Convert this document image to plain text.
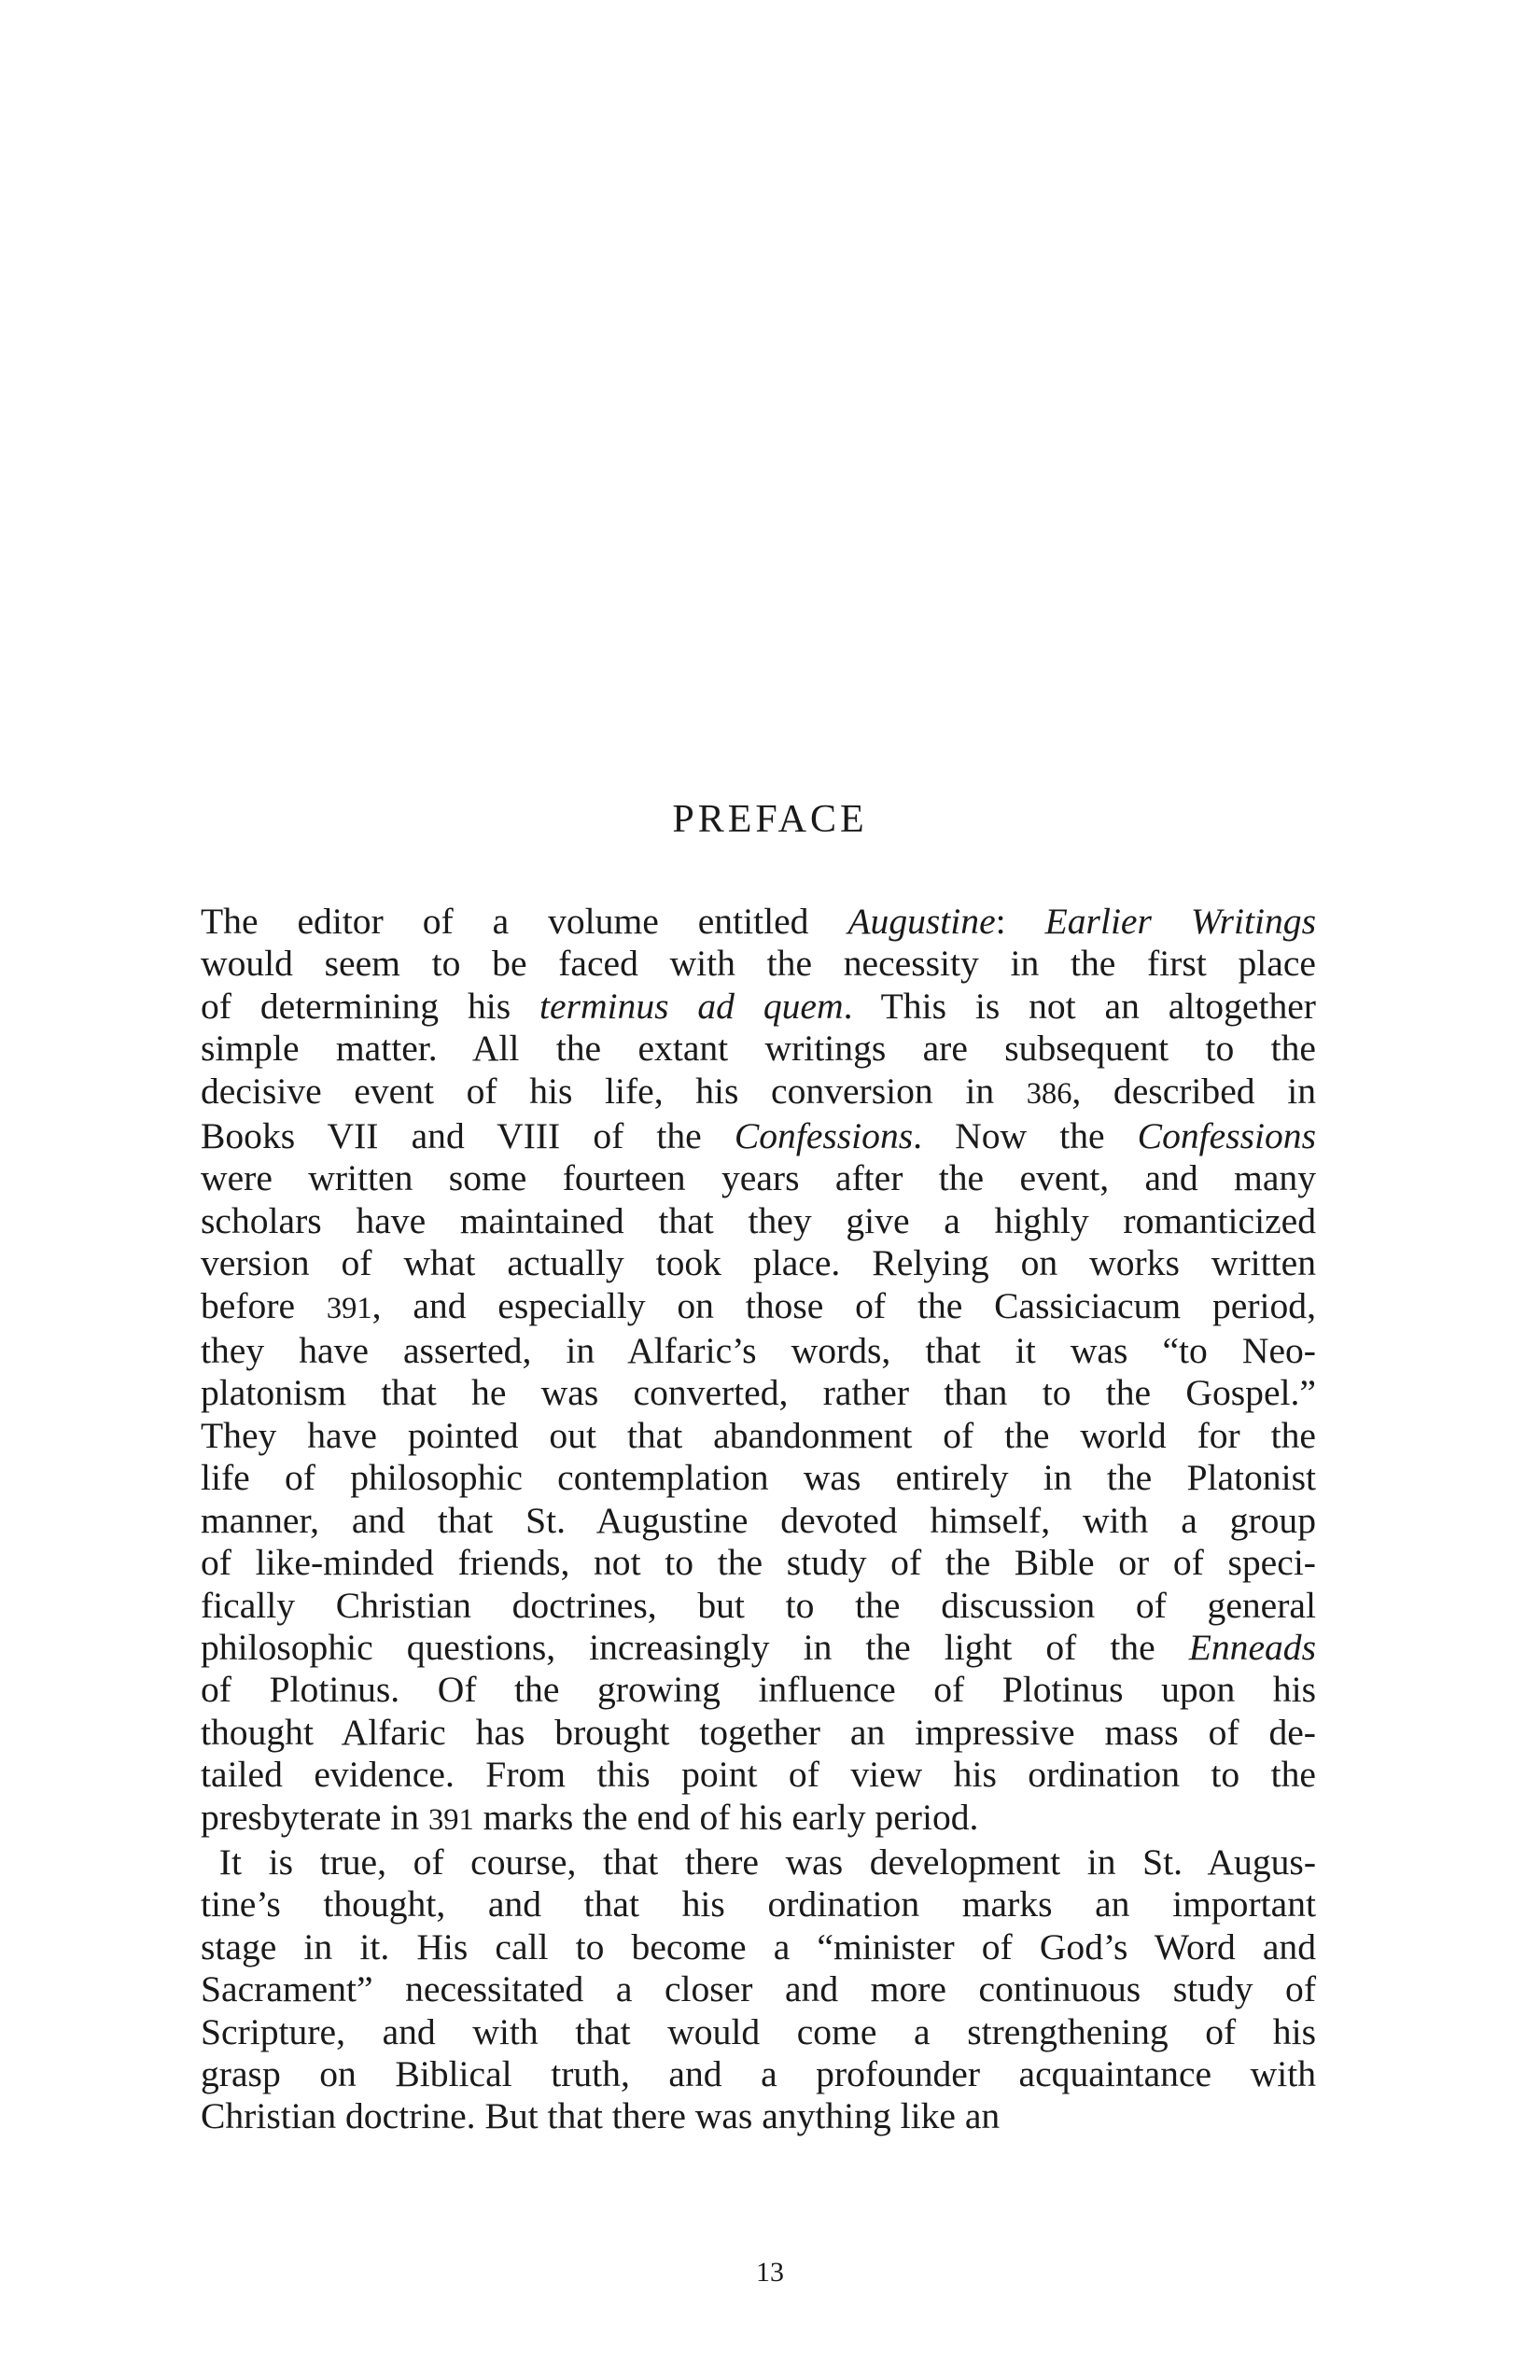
PREFACE
The editor of a volume entitled Augustine: Earlier Writings
would seem to be faced with the necessity in the first place
of determining his terminus ad quem. This is not an altogether
simple matter. All the extant writings are subsequent to the
decisive event of his life, his conversion in 386, described in
Books VII and VIII of the Confessions. Now the Confessions
were written some fourteen years after the event, and many
scholars have maintained that they give a highly romanticized
version of what actually took place. Relying on works written
before 391, and especially on those of the Cassiciacum period,
they have asserted, in Alfaric’s words, that it was “to Neo-
platonism that he was converted, rather than to the Gospel.”
They have pointed out that abandonment of the world for the
life of philosophic contemplation was entirely in the Platonist
manner, and that St. Augustine devoted himself, with a group
of like-minded friends, not to the study of the Bible or of speci-
fically Christian doctrines, but to the discussion of general
philosophic questions, increasingly in the light of the Enneads
of Plotinus. Of the growing influence of Plotinus upon his
thought Alfaric has brought together an impressive mass of de-
tailed evidence. From this point of view his ordination to the
presbyterate in 391 marks the end of his early period.
It is true, of course, that there was development in St. Augus-
tine’s thought, and that his ordination marks an important
stage in it. His call to become a “minister of God’s Word and
Sacrament” necessitated a closer and more continuous study of
Scripture, and with that would come a strengthening of his
grasp on Biblical truth, and a profounder acquaintance with
Christian doctrine. But that there was anything like an
13
